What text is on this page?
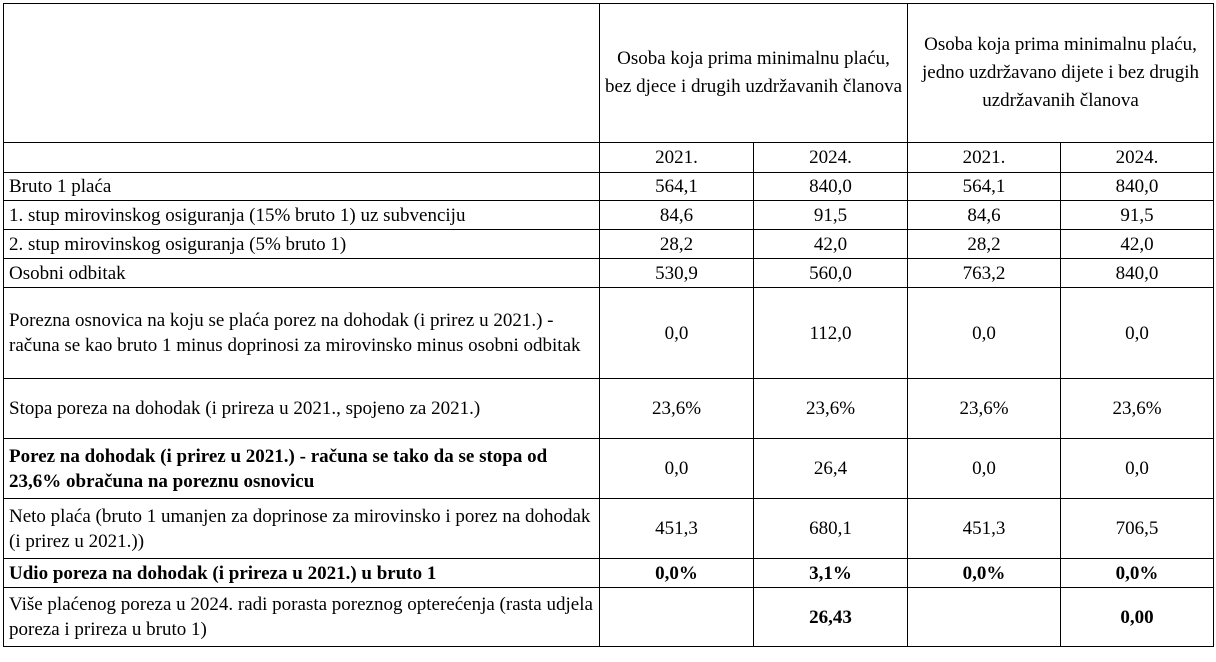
	Osoba koja prima minimalnu plaću, bez djece i drugih uzdržavanih članova		Osoba koja prima minimalnu plaću, jedno uzdržavano dijete i bez drugih uzdržavanih članova	
	2021.	2024.	2021.	2024.
Bruto 1 plaća	564,1	840,0	564,1	840,0
1. stup mirovinskog osiguranja (15% bruto 1) uz subvenciju	84,6	91,5	84,6	91,5
2. stup mirovinskog osiguranja (5% bruto 1)	28,2	42,0	28,2	42,0
Osobni odbitak	530,9	560,0	763,2	840,0
Porezna osnovica na koju se plaća porez na dohodak (i prirez u 2021.) - računa se kao bruto 1 minus doprinosi za mirovinsko minus osobni odbitak	0,0	112,0	0,0	0,0
Stopa poreza na dohodak (i prireza u 2021., spojeno za 2021.)	23,6%	23,6%	23,6%	23,6%
Porez na dohodak (i prirez u 2021.) - računa se tako da se stopa od 23,6% obračuna na poreznu osnovicu	0,0	26,4	0,0	0,0
Neto plaća (bruto 1 umanjen za doprinose za mirovinsko i porez na dohodak (i prirez u 2021.))	451,3	680,1	451,3	706,5
Udio poreza na dohodak (i prireza u 2021.) u bruto 1	0,0%	3,1%	0,0%	0,0%
Više plaćenog poreza u 2024. radi porasta poreznog opterećenja (rasta udjela poreza i prireza u bruto 1)		26,43		0,00
